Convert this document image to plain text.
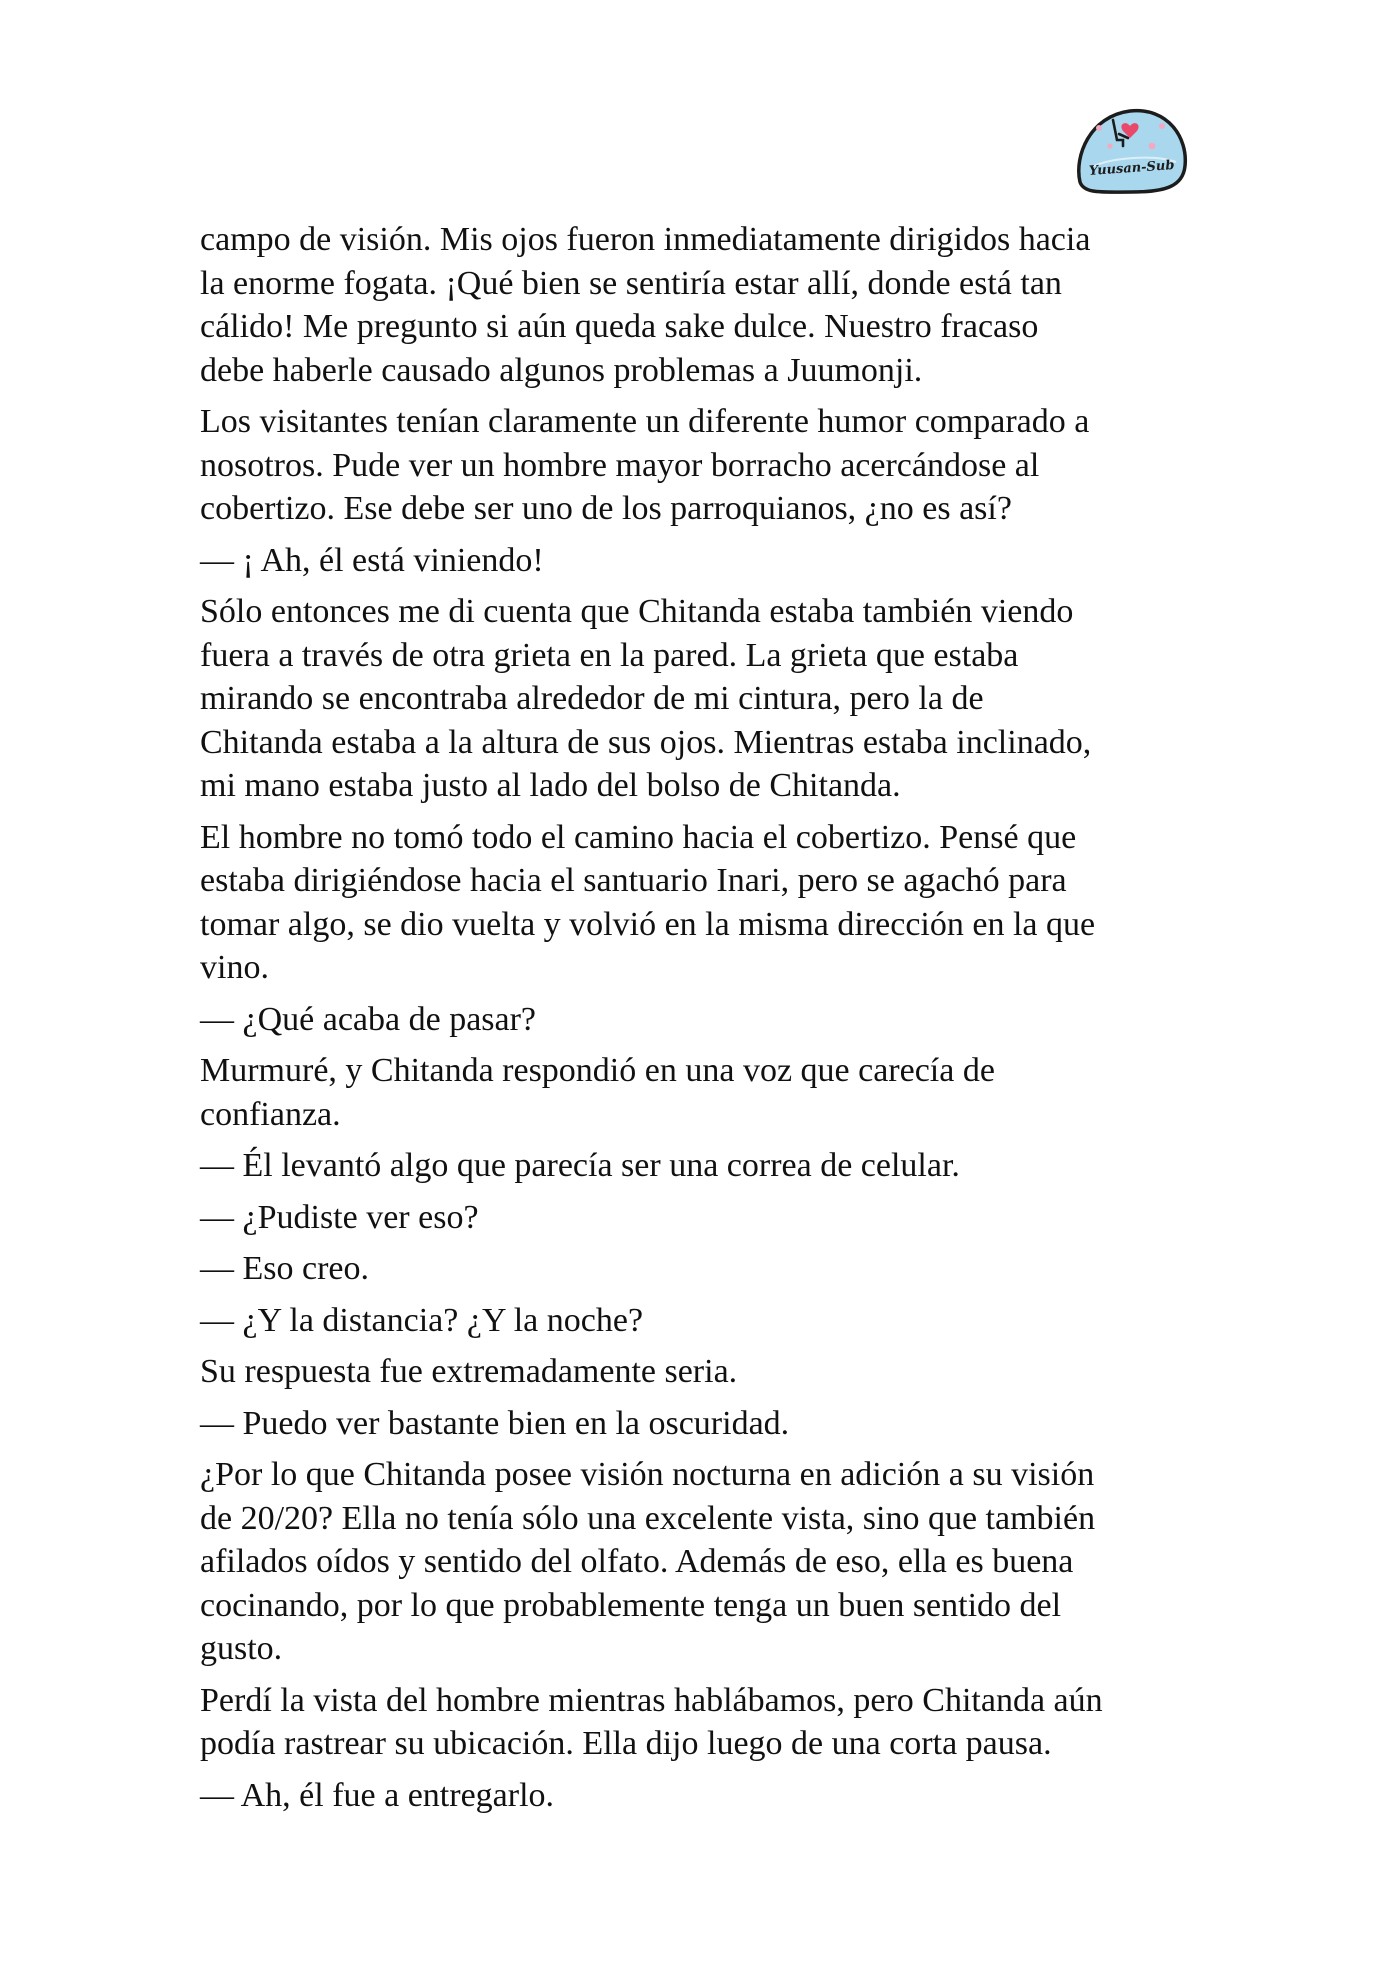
Yuusan-Sub
campo de visión. Mis ojos fueron inmediatamente dirigidos hacia
la enorme fogata. ¡Qué bien se sentiría estar allí, donde está tan
cálido! Me pregunto si aún queda sake dulce. Nuestro fracaso
debe haberle causado algunos problemas a Juumonji.
Los visitantes tenían claramente un diferente humor comparado a
nosotros. Pude ver un hombre mayor borracho acercándose al
cobertizo. Ese debe ser uno de los parroquianos, ¿no es así?
— ¡ Ah, él está viniendo!
Sólo entonces me di cuenta que Chitanda estaba también viendo
fuera a través de otra grieta en la pared. La grieta que estaba
mirando se encontraba alrededor de mi cintura, pero la de
Chitanda estaba a la altura de sus ojos. Mientras estaba inclinado,
mi mano estaba justo al lado del bolso de Chitanda.
El hombre no tomó todo el camino hacia el cobertizo. Pensé que
estaba dirigiéndose hacia el santuario Inari, pero se agachó para
tomar algo, se dio vuelta y volvió en la misma dirección en la que
vino.
— ¿Qué acaba de pasar?
Murmuré, y Chitanda respondió en una voz que carecía de
confianza.
— Él levantó algo que parecía ser una correa de celular.
— ¿Pudiste ver eso?
— Eso creo.
— ¿Y la distancia? ¿Y la noche?
Su respuesta fue extremadamente seria.
— Puedo ver bastante bien en la oscuridad.
¿Por lo que Chitanda posee visión nocturna en adición a su visión
de 20/20? Ella no tenía sólo una excelente vista, sino que también
afilados oídos y sentido del olfato. Además de eso, ella es buena
cocinando, por lo que probablemente tenga un buen sentido del
gusto.
Perdí la vista del hombre mientras hablábamos, pero Chitanda aún
podía rastrear su ubicación. Ella dijo luego de una corta pausa.
— Ah, él fue a entregarlo.
